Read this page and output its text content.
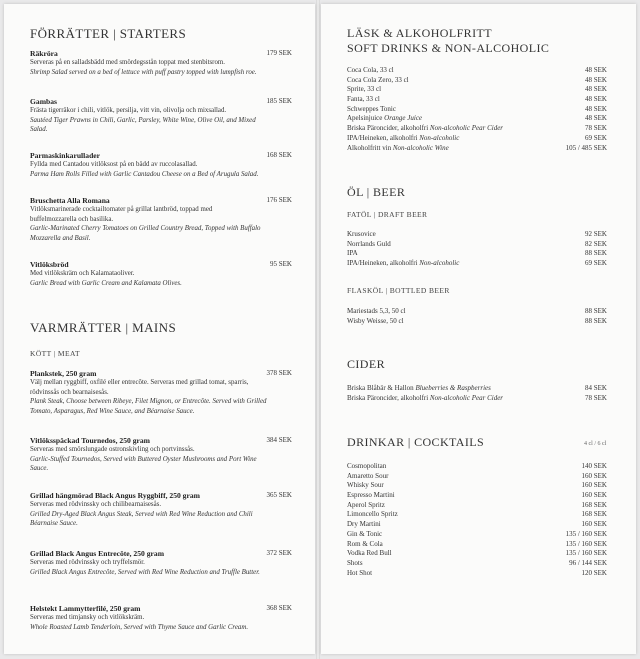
FÖRRÄTTER | STARTERS
Räkröra
Serveras på en salladsbädd med smördegsstån toppat med stenbitsrom.
Shrimp Salad served on a bed of lettuce with puff pastry topped with lumpfish roe.
179 SEK
Gambas
Frästa tigerräkor i chili, vitlök, persilja, vitt vin, olivolja och mixsallad.
Sautéed Tiger Prawns in Chili, Garlic, Parsley, White Wine, Olive Oil, and Mixed Salad.
185 SEK
Parmaskinkarullader
Fyllda med Cantadou vitlöksost på en bädd av ruccolasallad.
Parma Ham Rolls Filled with Garlic Cantadou Cheese on a Bed of Arugula Salad.
168 SEK
Bruschetta Alla Romana
Vitlöksmarinerade cocktailtomater på grillat lantbröd, toppad med buffelmozzarella och basilika.
Garlic-Marinated Cherry Tomatoes on Grilled Country Bread, Topped with Buffalo Mozzarella and Basil.
176 SEK
Vitlöksbröd
Med vitlökskräm och Kalamataoliver.
Garlic Bread with Garlic Cream and Kalamata Olives.
95 SEK
VARMRÄTTER | MAINS
KÖTT | MEAT
Plankstek, 250 gram
Välj mellan ryggbiff, oxfilé eller entrecôte. Serveras med grillad tomat, sparris, rödvinssås och bearnaisesås.
Plank Steak, Choose between Ribeye, Filet Mignon, or Entrecôte. Served with Grilled Tomato, Asparagus, Red Wine Sauce, and Béarnaise Sauce.
378 SEK
Vitlöksspäckad Tournedos, 250 gram
Serveras med smörslungade ostronskivling och portvinssås.
Garlic-Stuffed Tournedos, Served with Buttered Oyster Mushrooms and Port Wine Sauce.
384 SEK
Grillad hängmörad Black Angus Ryggbiff, 250 gram
Serveras med rödvinssky och chilibearnaisesås.
Grilled Dry-Aged Black Angus Steak, Served with Red Wine Reduction and Chili Béarnaise Sauce.
365 SEK
Grillad Black Angus Entrecôte, 250 gram
Serveras med rödvinssky och tryffelsmör.
Grilled Black Angus Entrecôte, Served with Red Wine Reduction and Truffle Butter.
372 SEK
Helstekt Lammytterfilé, 250 gram
Serveras med timjansky och vitlökskräm.
Whole Roasted Lamb Tenderloin, Served with Thyme Sauce and Garlic Cream.
368 SEK
LÄSK & ALKOHOLFRITT
SOFT DRINKS & NON-ALCOHOLIC
Coca Cola, 33 cl	48 SEK
Coca Cola Zero, 33 cl	48 SEK
Sprite, 33 cl	48 SEK
Fanta, 33 cl	48 SEK
Schweppes Tonic	48 SEK
Apelsinjuice Orange Juice	48 SEK
Briska Päroncider, alkoholfri Non-alcoholic Pear Cider	78 SEK
IPA/Heineken, alkoholfri Non-alcoholic	69 SEK
Alkoholfritt vin Non-alcoholic Wine	105 / 485 SEK
ÖL | BEER
FATÖL | DRAFT BEER
Krusovice	92 SEK
Norrlands Guld	82 SEK
IPA	88 SEK
IPA/Heineken, alkoholfri Non-alcoholic	69 SEK
FLASKÖL | BOTTLED BEER
Mariestads 5,3, 50 cl	88 SEK
Wisby Weisse, 50 cl	88 SEK
CIDER
Briska Blåbär & Hallon Blueberries & Raspberries	84 SEK
Briska Päroncider, alkoholfri Non-alcoholic Pear Cider	78 SEK
DRINKAR | COCKTAILS	4 cl / 6 cl
Cosmopolitan	140 SEK
Amaretto Sour	160 SEK
Whisky Sour	160 SEK
Espresso Martini	160 SEK
Aperol Spritz	168 SEK
Limoncello Spritz	168 SEK
Dry Martini	160 SEK
Gin & Tonic	135 / 160 SEK
Rom & Cola	135 / 160 SEK
Vodka Red Bull	135 / 160 SEK
Shots	96 / 144 SEK
Hot Shot	120 SEK
